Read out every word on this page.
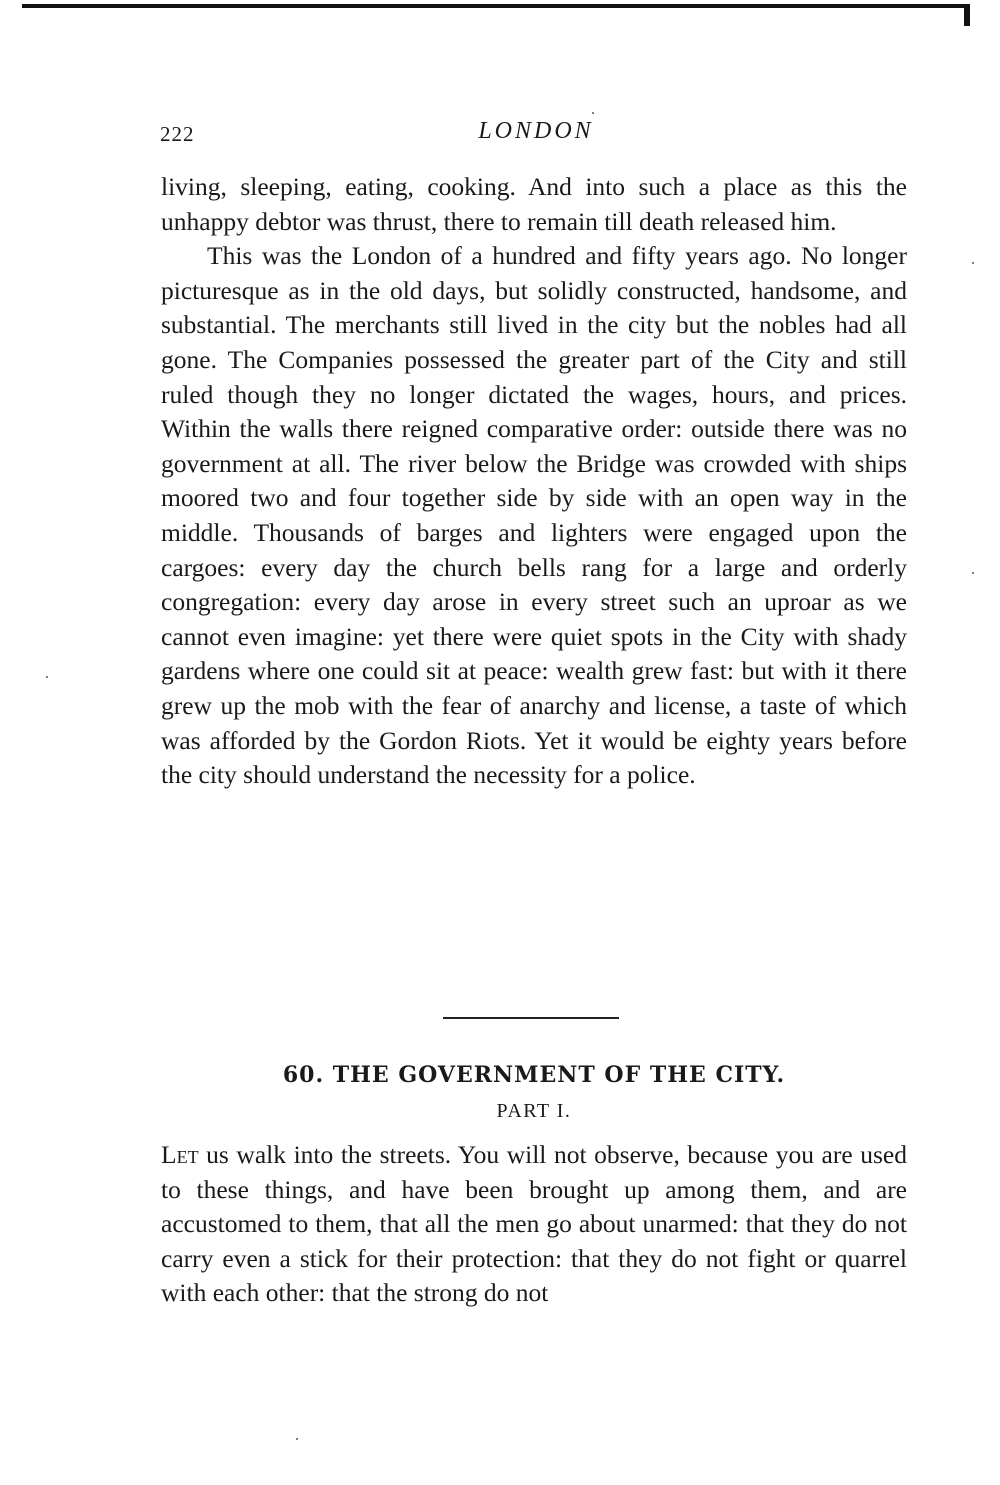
222	LONDON

living, sleeping, eating, cooking. And into such a place as this the unhappy debtor was thrust, there to remain till death released him.

This was the London of a hundred and fifty years ago. No longer picturesque as in the old days, but solidly constructed, handsome, and substantial. The merchants still lived in the city but the nobles had all gone. The Companies possessed the greater part of the City and still ruled though they no longer dictated the wages, hours, and prices. Within the walls there reigned comparative order: outside there was no government at all. The river below the Bridge was crowded with ships moored two and four together side by side with an open way in the middle. Thousands of barges and lighters were engaged upon the cargoes: every day the church bells rang for a large and orderly congregation: every day arose in every street such an uproar as we cannot even imagine: yet there were quiet spots in the City with shady gardens where one could sit at peace: wealth grew fast: but with it there grew up the mob with the fear of anarchy and license, a taste of which was afforded by the Gordon Riots. Yet it would be eighty years before the city should understand the necessity for a police.

60. THE GOVERNMENT OF THE CITY.
PART I.

Let us walk into the streets. You will not observe, because you are used to these things, and have been brought up among them, and are accustomed to them, that all the men go about unarmed: that they do not carry even a stick for their protection: that they do not fight or quarrel with each other: that the strong do not
